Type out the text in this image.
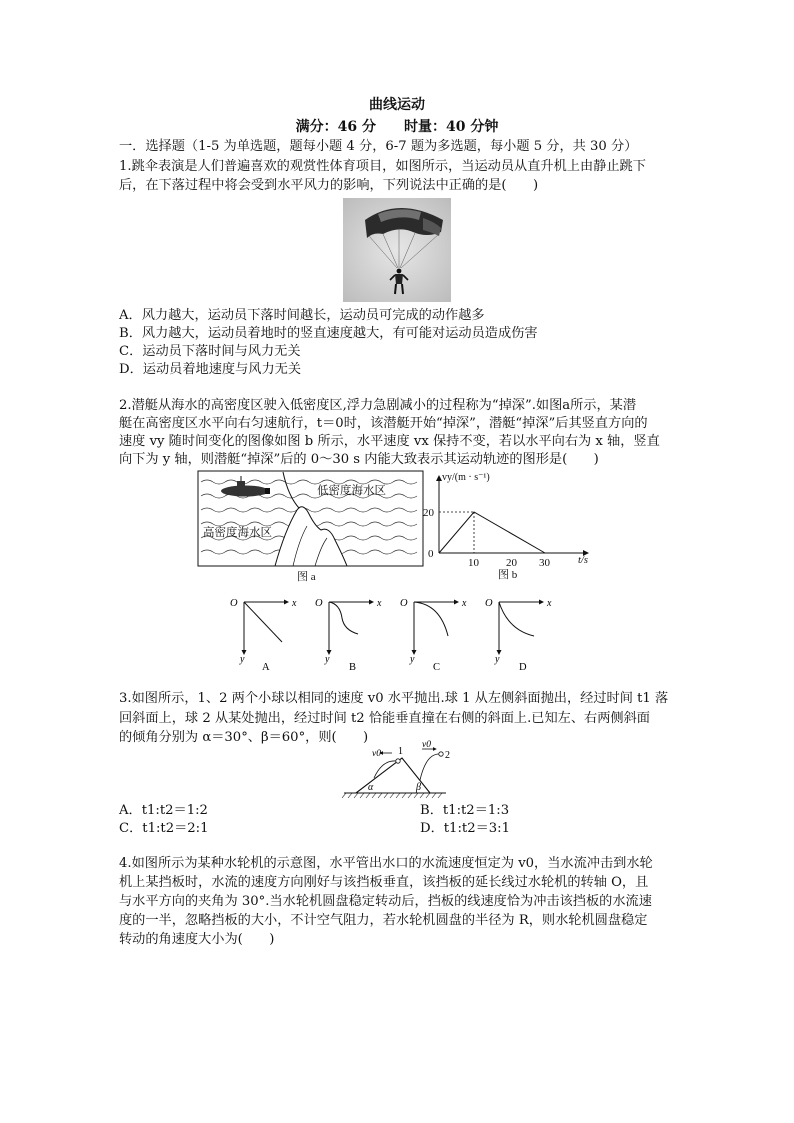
曲线运动
满分：46 分　　时量：40 分钟
一．选择题（1-5 为单选题，题每小题 4 分，6-7 题为多选题，每小题 5 分，共 30 分）
1.跳伞表演是人们普遍喜欢的观赏性体育项目，如图所示，当运动员从直升机上由静止跳下
后，在下落过程中将会受到水平风力的影响，下列说法中正确的是(　　)
A．风力越大，运动员下落时间越长，运动员可完成的动作越多
B．风力越大，运动员着地时的竖直速度越大，有可能对运动员造成伤害
C．运动员下落时间与风力无关
D．运动员着地速度与风力无关
2.潜艇从海水的高密度区驶入低密度区,浮力急剧减小的过程称为“掉深”.如图a所示，某潜
艇在高密度区水平向右匀速航行，t＝0时，该潜艇开始“掉深”，潜艇“掉深”后其竖直方向的
速度 vy 随时间变化的图像如图 b 所示，水平速度 vx 保持不变，若以水平向右为 x 轴，竖直
向下为 y 轴，则潜艇“掉深”后的 0～30 s 内能大致表示其运动轨迹的图形是(　　)
低密度海水区
高密度海水区
图 a
vy/(m · s⁻¹)
20
0
10 20 30	t/s
图 b
O	x
y
A
O	x
y
B
O	x
y
C
O	x
y
D
3.如图所示，1、2 两个小球以相同的速度 v0 水平抛出.球 1 从左侧斜面抛出，经过时间 t1 落
回斜面上，球 2 从某处抛出，经过时间 t2 恰能垂直撞在右侧的斜面上.已知左、右两侧斜面
的倾角分别为 α＝30°、β＝60°，则(　　)
v0 1
v0
2
α	β
A．t1:t2＝1:2	B．t1:t2＝1:3
C．t1:t2＝2:1	D．t1:t2＝3:1
4.如图所示为某种水轮机的示意图，水平管出水口的水流速度恒定为 v0，当水流冲击到水轮
机上某挡板时，水流的速度方向刚好与该挡板垂直，该挡板的延长线过水轮机的转轴 O，且
与水平方向的夹角为 30°.当水轮机圆盘稳定转动后，挡板的线速度恰为冲击该挡板的水流速
度的一半，忽略挡板的大小，不计空气阻力，若水轮机圆盘的半径为 R，则水轮机圆盘稳定
转动的角速度大小为(　　)
